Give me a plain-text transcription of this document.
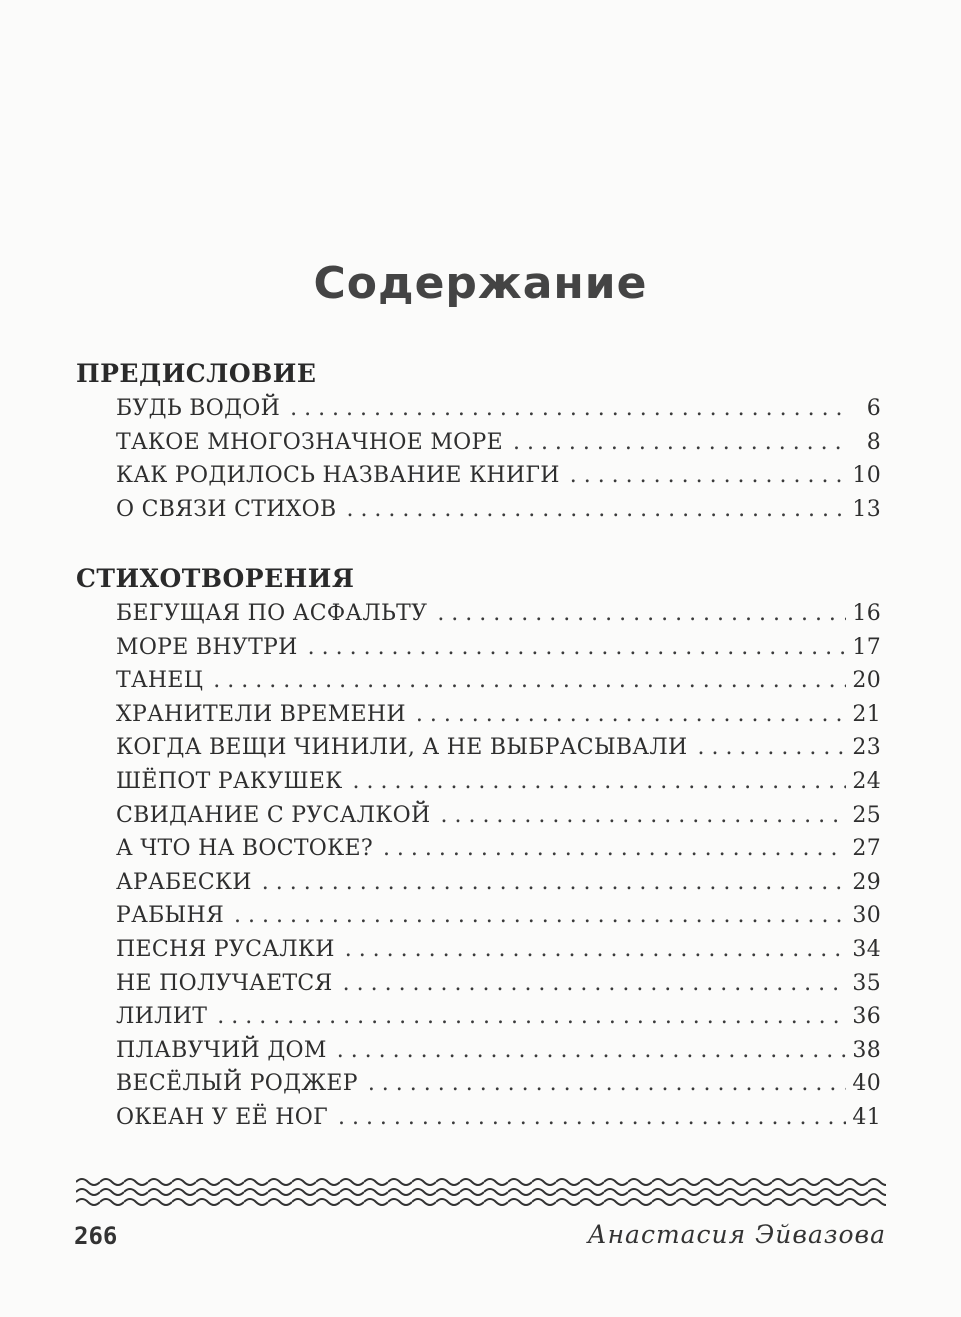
Содержание
ПРЕДИСЛОВИЕ
БУДЬ ВОДОЙ . . .	6
ТАКОЕ МНОГОЗНАЧНОЕ МОРЕ . . .	8
КАК РОДИЛОСЬ НАЗВАНИЕ КНИГИ . . .	10
О СВЯЗИ СТИХОВ . . .	13
СТИХОТВОРЕНИЯ
БЕГУЩАЯ ПО АСФАЛЬТУ . . .	16
МОРЕ ВНУТРИ . . .	17
ТАНЕЦ . . .	20
ХРАНИТЕЛИ ВРЕМЕНИ . . .	21
КОГДА ВЕЩИ ЧИНИЛИ, А НЕ ВЫБРАСЫВАЛИ . . .	23
ШЁПОТ РАКУШЕК . . .	24
СВИДАНИЕ С РУСАЛКОЙ . . .	25
А ЧТО НА ВОСТОКЕ? . . .	27
АРАБЕСКИ . . .	29
РАБЫНЯ . . .	30
ПЕСНЯ РУСАЛКИ . . .	34
НЕ ПОЛУЧАЕТСЯ . . .	35
ЛИЛИТ . . .	36
ПЛАВУЧИЙ ДОМ . . .	38
ВЕСЁЛЫЙ РОДЖЕР . . .	40
ОКЕАН У ЕЁ НОГ . . .	41
266	Анастасия Эйвазова
